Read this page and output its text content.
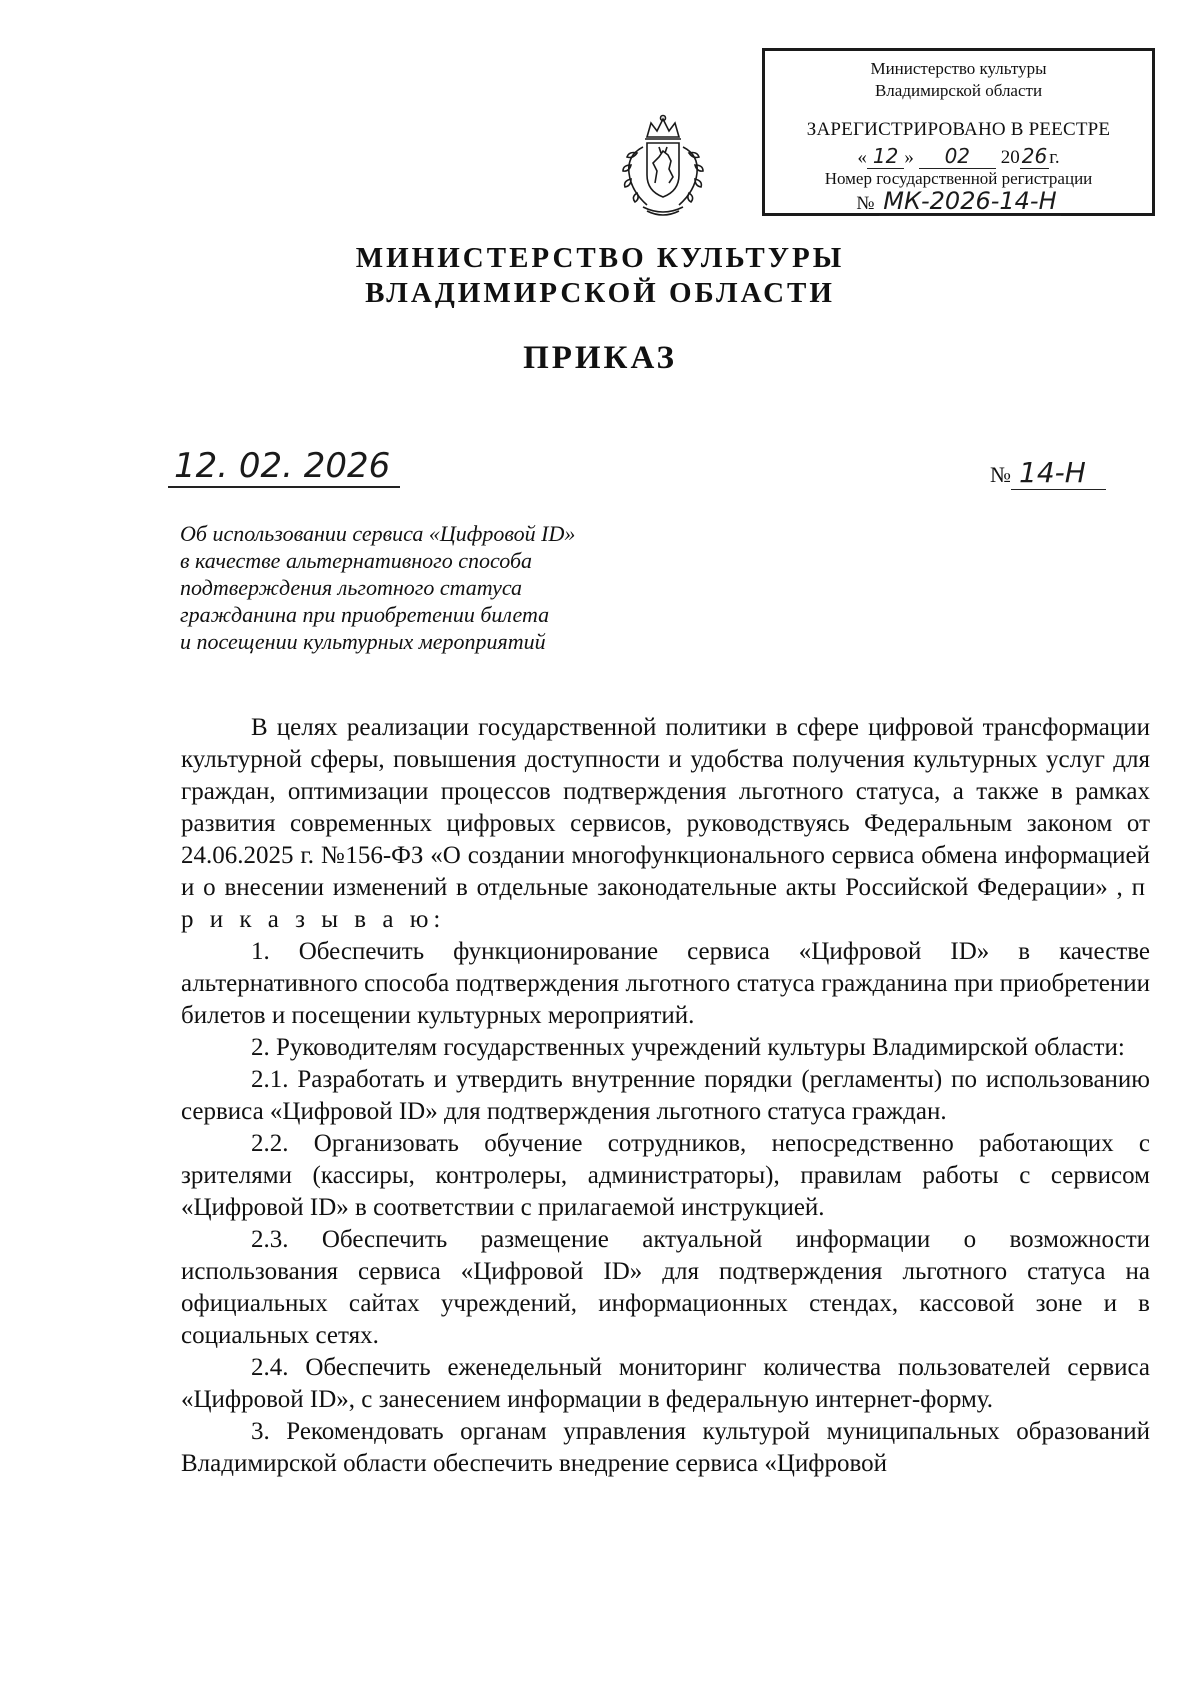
Министерство культуры
Владимирской области
ЗАРЕГИСТРИРОВАНО В РЕЕСТРЕ
« 12 » 02 20 26 г.
Номер государственной регистрации
№ МК-2026-14-Н
МИНИСТЕРСТВО КУЛЬТУРЫ
ВЛАДИМИРСКОЙ ОБЛАСТИ
ПРИКАЗ
12. 02. 2026	№ 14-Н
Об использовании сервиса «Цифровой ID»
в качестве альтернативного способа
подтверждения льготного статуса
гражданина при приобретении билета
и посещении культурных мероприятий

В целях реализации государственной политики в сфере цифровой трансформации культурной сферы, повышения доступности и удобства получения культурных услуг для граждан, оптимизации процессов подтверждения льготного статуса, а также в рамках развития современных цифровых сервисов, руководствуясь Федеральным законом от 24.06.2025 г. №156-ФЗ «О создании многофункционального сервиса обмена информацией и о внесении изменений в отдельные законодательные акты Российской Федерации» , п р и к а з ы в а ю:

1. Обеспечить функционирование сервиса «Цифровой ID» в качестве альтернативного способа подтверждения льготного статуса гражданина при приобретении билетов и посещении культурных мероприятий.

2. Руководителям государственных учреждений культуры Владимирской области:

2.1. Разработать и утвердить внутренние порядки (регламенты) по использованию сервиса «Цифровой ID» для подтверждения льготного статуса граждан.

2.2. Организовать обучение сотрудников, непосредственно работающих с зрителями (кассиры, контролеры, администраторы), правилам работы с сервисом «Цифровой ID» в соответствии с прилагаемой инструкцией.

2.3. Обеспечить размещение актуальной информации о возможности использования сервиса «Цифровой ID» для подтверждения льготного статуса на официальных сайтах учреждений, информационных стендах, кассовой зоне и в социальных сетях.

2.4. Обеспечить еженедельный мониторинг количества пользователей сервиса «Цифровой ID», с занесением информации в федеральную интернет-форму.

3. Рекомендовать органам управления культурой муниципальных образований Владимирской области обеспечить внедрение сервиса «Цифровой
